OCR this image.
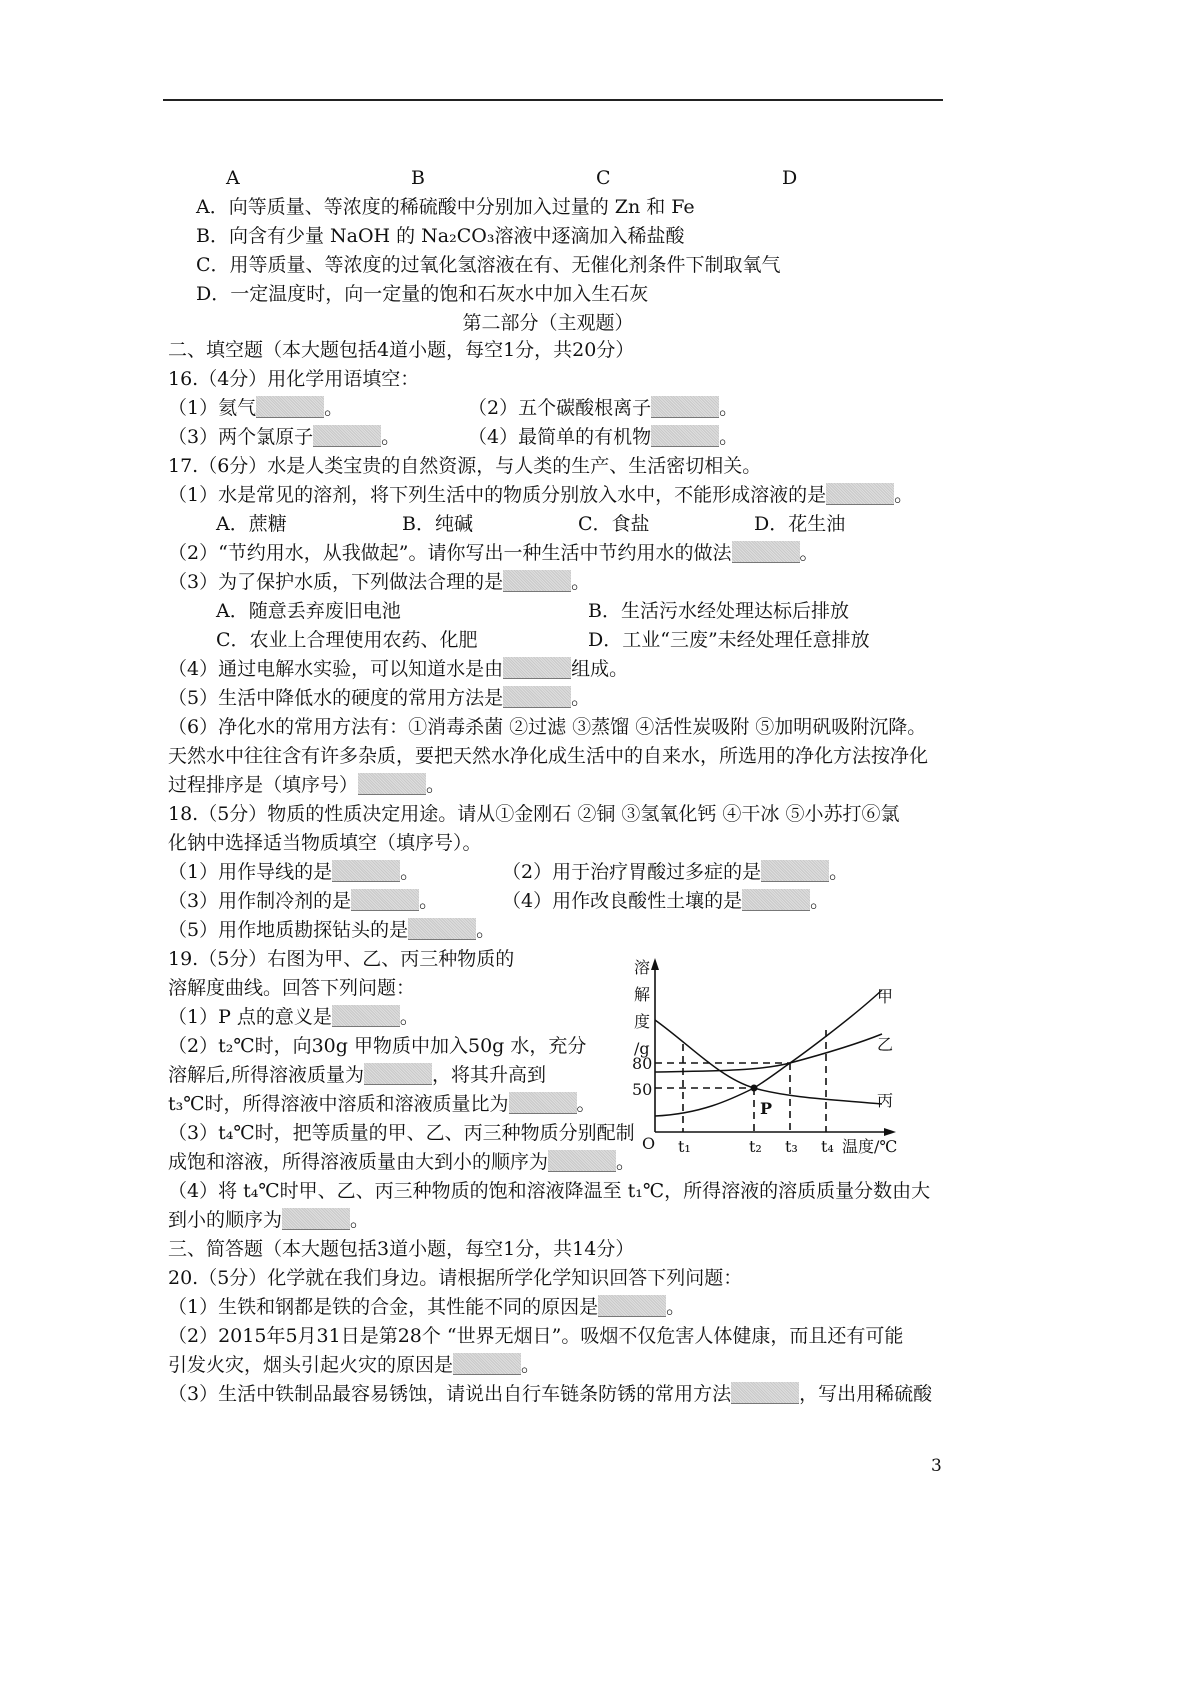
A	B	C	D
A．向等质量、等浓度的稀硫酸中分别加入过量的 Zn 和 Fe
B．向含有少量 NaOH 的 Na₂CO₃溶液中逐滴加入稀盐酸
C．用等质量、等浓度的过氧化氢溶液在有、无催化剂条件下制取氧气
D．一定温度时，向一定量的饱和石灰水中加入生石灰
第二部分（主观题）
二、填空题（本大题包括4道小题，每空1分，共20分）
16.（4分）用化学用语填空：
（1）氦气	。	（2）五个碳酸根离子	。
（3）两个氯原子	。	（4）最简单的有机物	。
17.（6分）水是人类宝贵的自然资源，与人类的生产、生活密切相关。
（1）水是常见的溶剂，将下列生活中的物质分别放入水中，不能形成溶液的是	。
A．蔗糖	B．纯碱	C．食盐	D．花生油
（2）“节约用水，从我做起”。请你写出一种生活中节约用水的做法	。
（3）为了保护水质，下列做法合理的是	。
A．随意丢弃废旧电池	B．生活污水经处理达标后排放
C．农业上合理使用农药、化肥	D．工业“三废”未经处理任意排放
（4）通过电解水实验，可以知道水是由	组成。
（5）生活中降低水的硬度的常用方法是	。
（6）净化水的常用方法有：①消毒杀菌 ②过滤 ③蒸馏 ④活性炭吸附 ⑤加明矾吸附沉降。
天然水中往往含有许多杂质，要把天然水净化成生活中的自来水，所选用的净化方法按净化
过程排序是（填序号）	。
18.（5分）物质的性质决定用途。请从①金刚石 ②铜 ③氢氧化钙 ④干冰 ⑤小苏打⑥氯
化钠中选择适当物质填空（填序号）。
（1）用作导线的是	。	（2）用于治疗胃酸过多症的是	。
（3）用作制冷剂的是	。	（4）用作改良酸性土壤的是	。
（5）用作地质勘探钻头的是	。
19.（5分）右图为甲、乙、丙三种物质的
溶解度曲线。回答下列问题：
（1）P 点的意义是	。
（2）t₂℃时，向30g 甲物质中加入50g 水，充分
溶解后,所得溶液质量为	，将其升高到
t₃℃时，所得溶液中溶质和溶液质量比为	。
（3）t₄℃时，把等质量的甲、乙、丙三种物质分别配制
成饱和溶液，所得溶液质量由大到小的顺序为	。
（4）将 t₄℃时甲、乙、丙三种物质的饱和溶液降温至 t₁℃，所得溶液的溶质质量分数由大
到小的顺序为	。
三、简答题（本大题包括3道小题，每空1分，共14分）
20.（5分）化学就在我们身边。请根据所学化学知识回答下列问题：
（1）生铁和钢都是铁的合金，其性能不同的原因是	。
（2）2015年5月31日是第28个 “世界无烟日”。吸烟不仅危害人体健康，而且还有可能
引发火灾，烟头引起火灾的原因是	。
（3）生活中铁制品最容易锈蚀，请说出自行车链条防锈的常用方法	，写出用稀硫酸
溶
解
度
/g
80
50
O t₁	t₂ t₃ t₄ 温度/℃
甲
乙
丙
P
3
